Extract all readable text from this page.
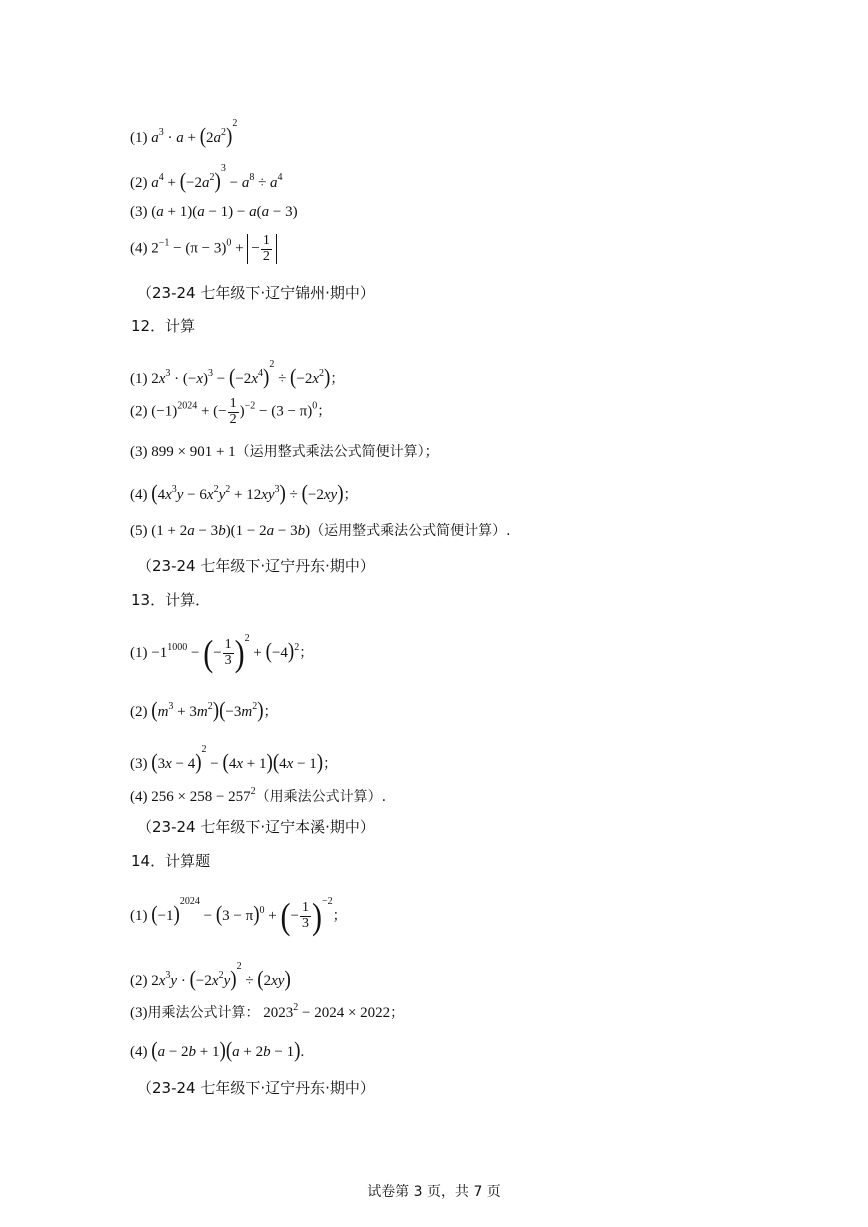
(1) $a^3 \cdot a + (2a^2)^2$
(2) $a^4 + (-2a^2)^3 - a^8 \div a^4$
(3) (a + 1)(a − 1) − a(a − 3)
(4) $2^{-1} - (\pi - 3)^0$ + − $\frac{1}{2}$
（23-24 七年级下·辽宁锦州·期中）
12．计算
(1) $2x^3 \cdot (-x)^3 - (-2x^4)^2 \div (-2x^2)$；
(2) $(-1)^{2024}$ + (− $\frac{1}{2} )^{-2} - (3 - \pi)^0$；
(3) 899 × 901 + 1（运用整式乘法公式简便计算）；
(4) $(4x^3y - 6x^2y^2 + 12xy^3) \div (-2xy)$；
(5) (1 + 2a − 3b)(1 − 2a − 3b)（运用整式乘法公式简便计算）.
（23-24 七年级下·辽宁丹东·期中）
13．计算．
$(1) -1^{1000}$ − (− $\frac{1}{3} )^2 + (-4)^2$；
(2) $(m^3 + 3m^2)(-3m^2)$；
(3) $(3x - 4)^2 - (4x + 1)(4x - 1)$；
(4) $256 \times 258 - 257^2$（用乘法公式计算）.
（23-24 七年级下·辽宁本溪·期中）
14．计算题
(1) $(-1)^{2024} - (3 - \pi)^0$ + (− $\frac{1}{3} )^{-2}$；
(2) $2x^3y \cdot (-2x^2y)^2 \div (2xy)$
(3)用乘法公式计算： $2023^2 - 2024 \times 2022$；
(4) (a − 2b + 1)(a + 2b − 1).
（23-24 七年级下·辽宁丹东·期中）
试卷第 3 页，共 7 页
